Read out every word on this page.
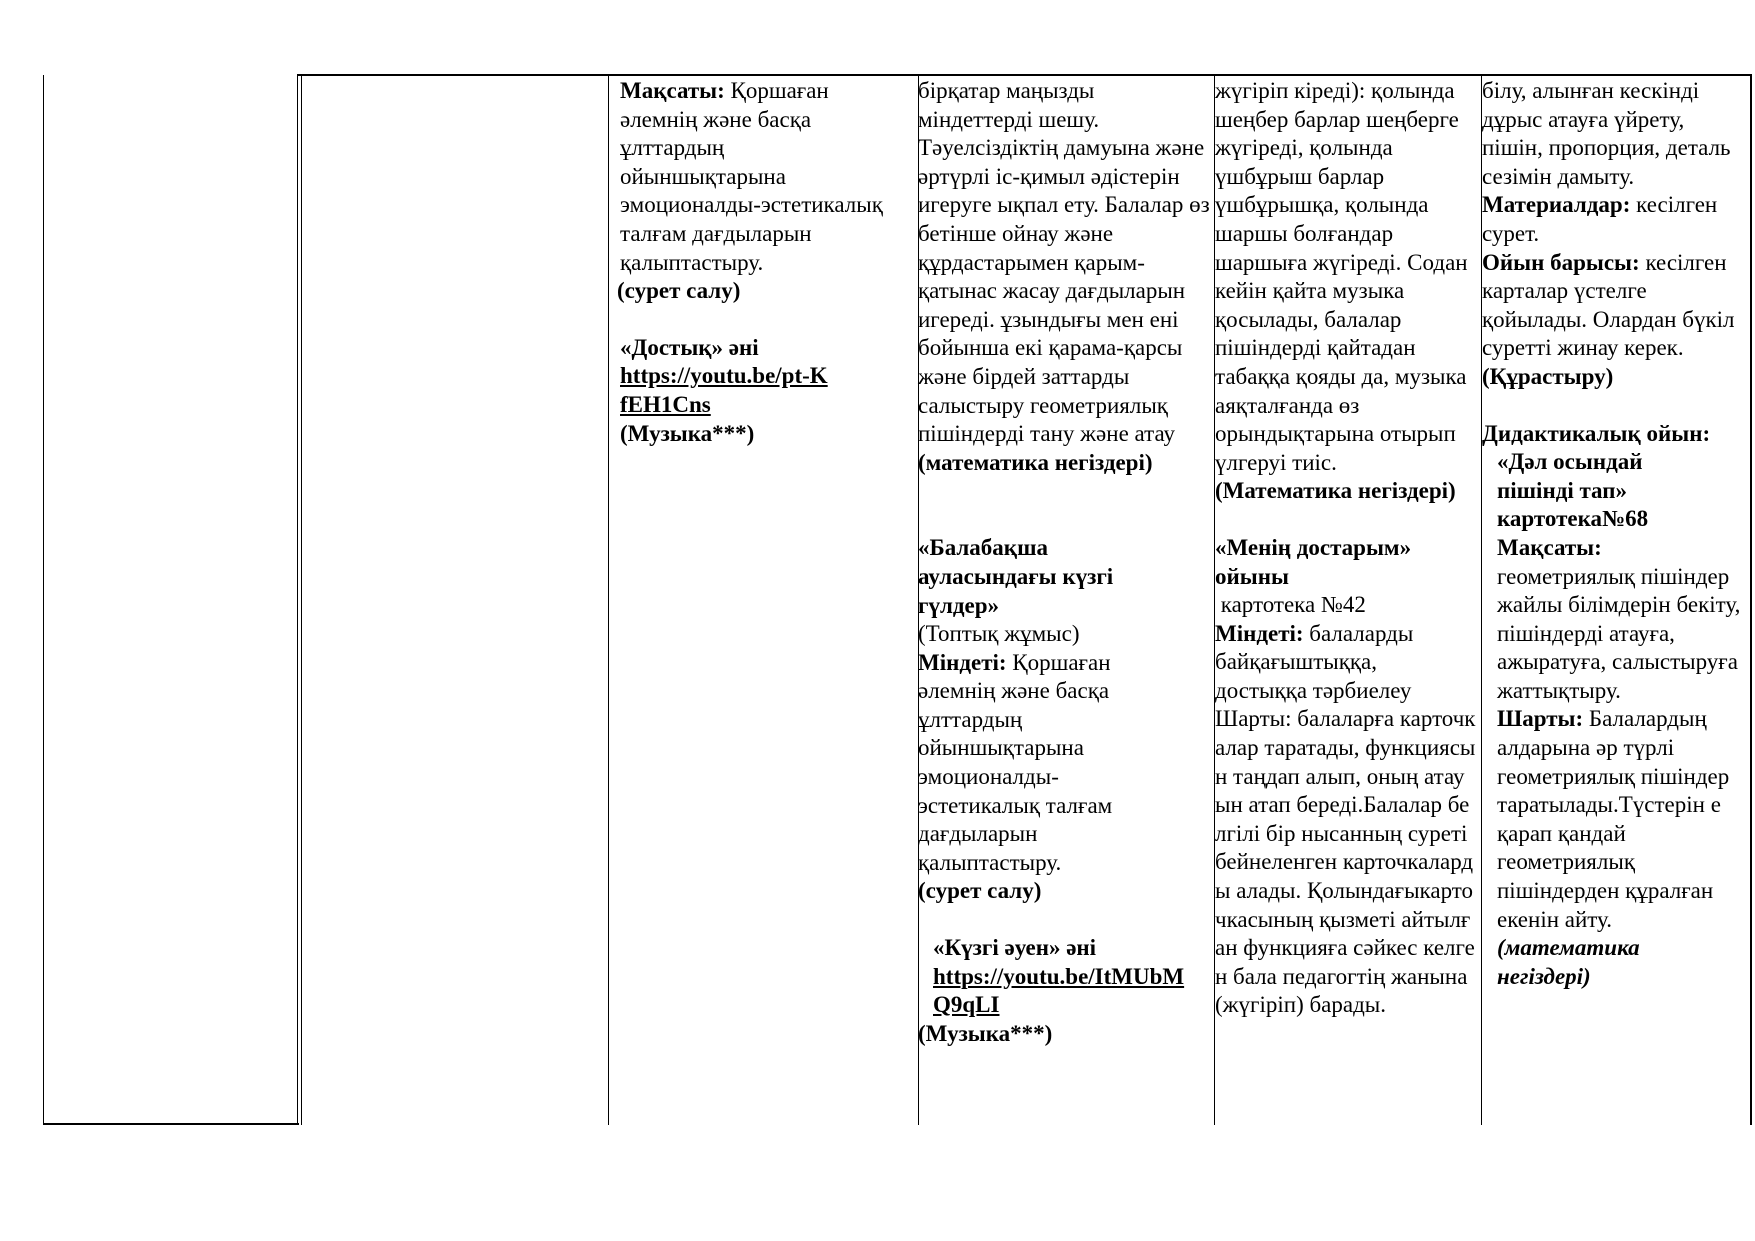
Мақсаты: Қоршаған әлемнің және басқа ұлттардың ойыншықтарына эмоционалды-эстетикалық талғам дағдыларын қалыптастыру.

(сурет салу)

«Достық» әні

https://youtu.be/pt-KfEH1Cns

(Музыка***)

бірқатар маңызды міндеттерді шешу. Тәуелсіздіктің дамуына және әртүрлі іс-қимыл әдістерін игеруге ықпал ету. Балалар өз бетінше ойнау және құрдастарымен қарым-қатынас жасау дағдыларын игереді. ұзындығы мен ені бойынша екі қарама-қарсы және бірдей заттарды салыстыру геометриялық пішіндерді тану және атау

(математика негіздері)

«Балабақша ауласындағы күзгі гүлдер»

(Топтық жұмыс)

Міндеті: Қоршаған әлемнің және басқа ұлттардың ойыншықтарына эмоционалды-эстетикалық талғам дағдыларын қалыптастыру.

(сурет салу)

«Күзгі әуен» әні

https://youtu.be/ItMUbMQ9qLI

(Музыка***)

жүгіріп кіреді): қолында шеңбер барлар шеңберге жүгіреді, қолында үшбұрыш барлар үшбұрышқа, қолында шаршы болғандар шаршыға жүгіреді. Содан кейін қайта музыка қосылады, балалар пішіндерді қайтадан табаққа қояды да, музыка аяқталғанда өз орындықтарына отырып үлгеруі тиіс.

(Математика негіздері)

«Менің достарым» ойыны

картотека №42

Міндеті: балаларды байқағыштыққа, достыққа тәрбиелеу

Шарты: балаларға карточкалар таратады, функциясын таңдап алып, оның атауын атап береді.Балалар белгілі бір нысанның суреті бейнеленген карточкаларды алады. Қолындағыкарточкасының қызметі айтылған функцияға сәйкес келген бала педагогтің жанына(жүгіріп) барады.

білу, алынған кескінді дұрыс атауға үйрету, пішін, пропорция, деталь сезімін дамыту.

Материалдар: кесілген сурет.

Ойын барысы: кесілген карталар үстелге қойылады. Олардан бүкіл суретті жинау керек. (Құрастыру)

Дидактикалық ойын:

«Дәл осындай пішінді тап» картотека№68

Мақсаты: геометриялық пішіндер жайлы білімдерін бекіту, пішіндерді атауға, ажыратуға, салыстыруға жаттықтыру.

Шарты: Балалардың алдарына әр түрлі геометриялық пішіндер таратылады.Түстерін е қарап қандай геометриялық пішіндерден құралған екенін айту.

(математика негіздері)
